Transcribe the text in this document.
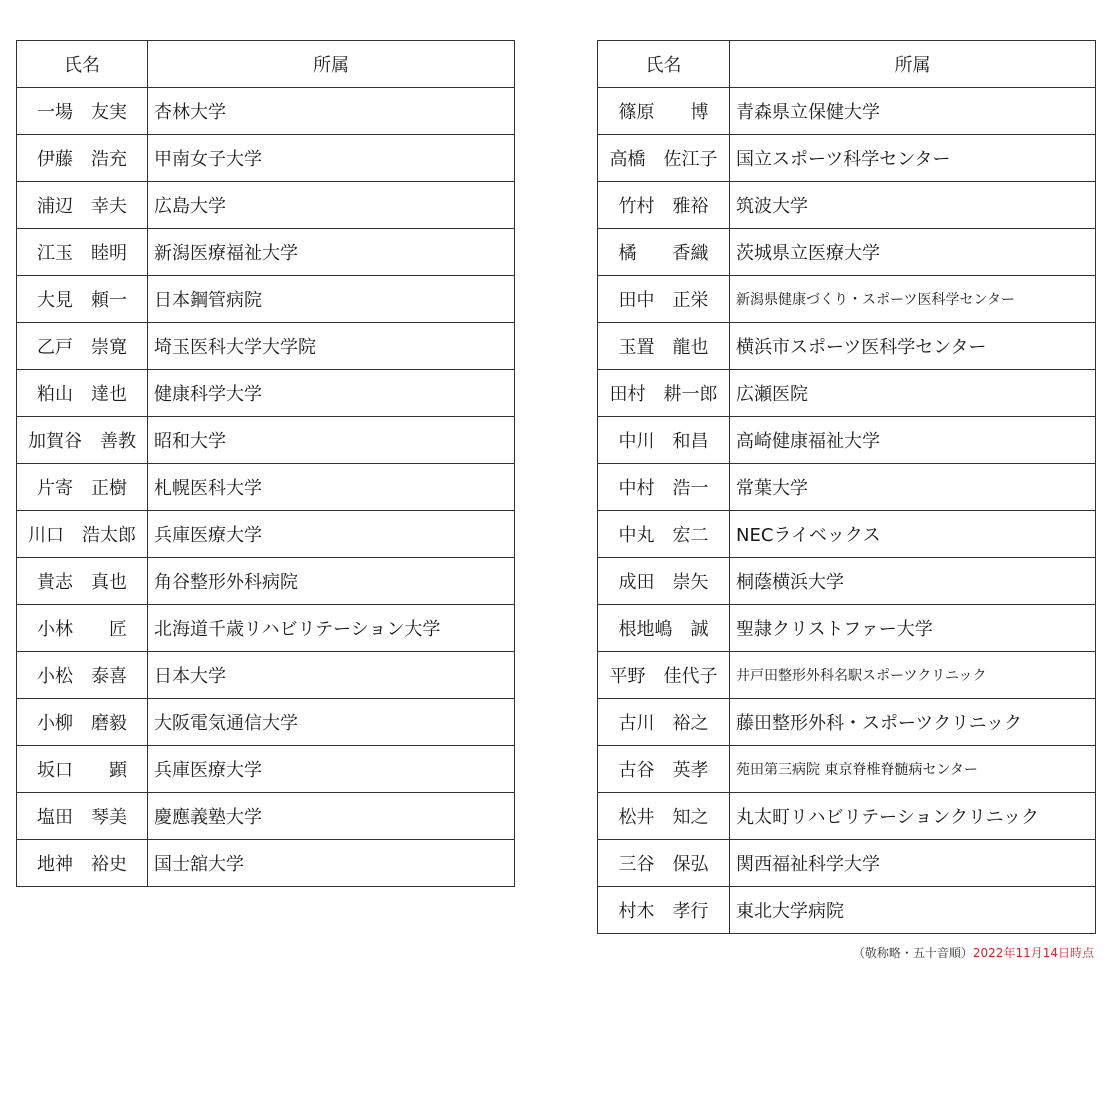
氏名	所属
一場　友実	杏林大学
伊藤　浩充	甲南女子大学
浦辺　幸夫	広島大学
江玉　睦明	新潟医療福祉大学
大見　頼一	日本鋼管病院
乙戸　崇寛	埼玉医科大学大学院
粕山　達也	健康科学大学
加賀谷　善教	昭和大学
片寄　正樹	札幌医科大学
川口　浩太郎	兵庫医療大学
貴志　真也	角谷整形外科病院
小林　　匠	北海道千歳リハビリテーション大学
小松　泰喜	日本大学
小柳　磨毅	大阪電気通信大学
坂口　　顕	兵庫医療大学
塩田　琴美	慶應義塾大学
地神　裕史	国士舘大学
氏名	所属
篠原　　博	青森県立保健大学
高橋　佐江子	国立スポーツ科学センター
竹村　雅裕	筑波大学
橘　　香織	茨城県立医療大学
田中　正栄	新潟県健康づくり・スポーツ医科学センター
玉置　龍也	横浜市スポーツ医科学センター
田村　耕一郎	広瀬医院
中川　和昌	高崎健康福祉大学
中村　浩一	常葉大学
中丸　宏二	NECライベックス
成田　崇矢	桐蔭横浜大学
根地嶋　誠	聖隷クリストファー大学
平野　佳代子	井戸田整形外科名駅スポーツクリニック
古川　裕之	藤田整形外科・スポーツクリニック
古谷　英孝	苑田第三病院 東京脊椎脊髄病センター
松井　知之	丸太町リハビリテーションクリニック
三谷　保弘	関西福祉科学大学
村木　孝行	東北大学病院
（敬称略・五十音順）2022年11月14日時点
